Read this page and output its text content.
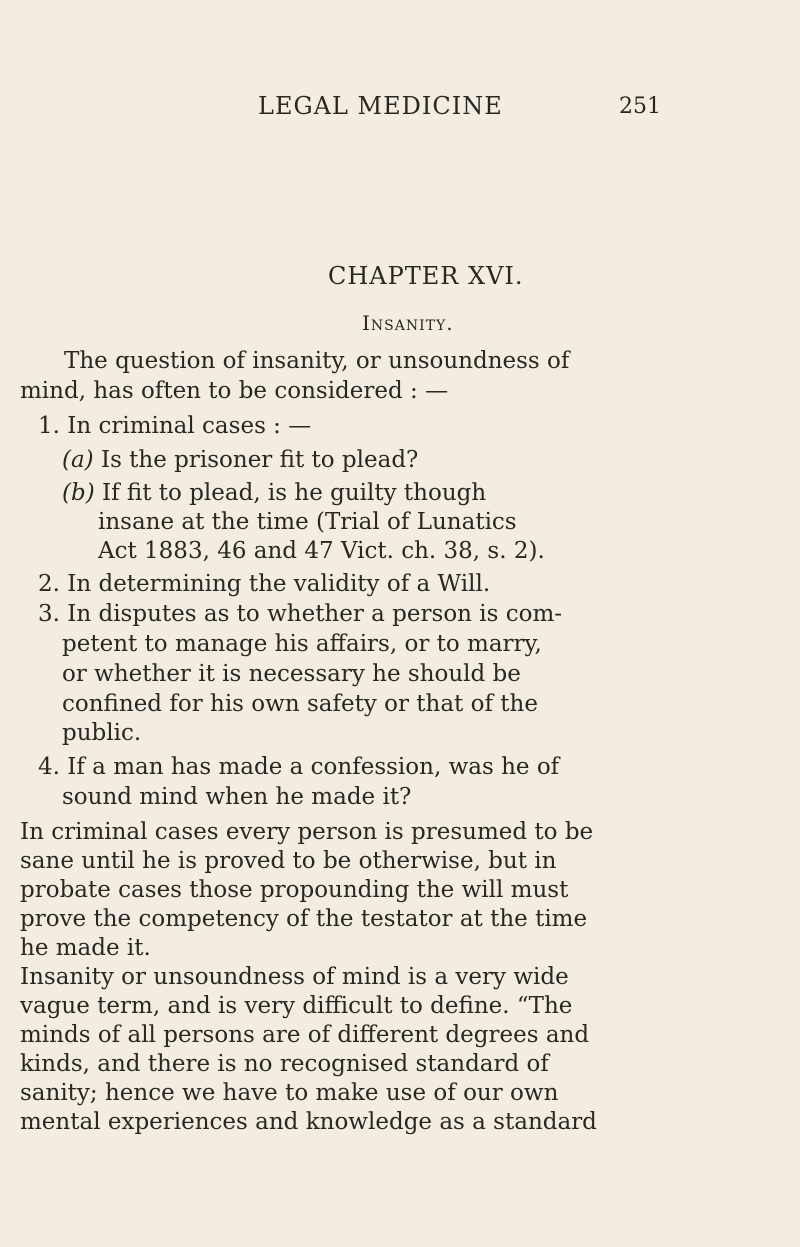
LEGAL MEDICINE	251
CHAPTER XVI.
Insanity.
The question of insanity, or unsoundness of
mind, has often to be considered : —
1. In criminal cases : —
(a) Is the prisoner fit to plead?
(b) If fit to plead, is he guilty though
insane at the time (Trial of Lunatics
Act 1883, 46 and 47 Vict. ch. 38, s. 2).
2. In determining the validity of a Will.
3. In disputes as to whether a person is com-
petent to manage his affairs, or to marry,
or whether it is necessary he should be
confined for his own safety or that of the
public.
4. If a man has made a confession, was he of
sound mind when he made it?
In criminal cases every person is presumed to be
sane until he is proved to be otherwise, but in
probate cases those propounding the will must
prove the competency of the testator at the time
he made it.
Insanity or unsoundness of mind is a very wide
vague term, and is very difficult to define. “The
minds of all persons are of different degrees and
kinds, and there is no recognised standard of
sanity; hence we have to make use of our own
mental experiences and knowledge as a standard
